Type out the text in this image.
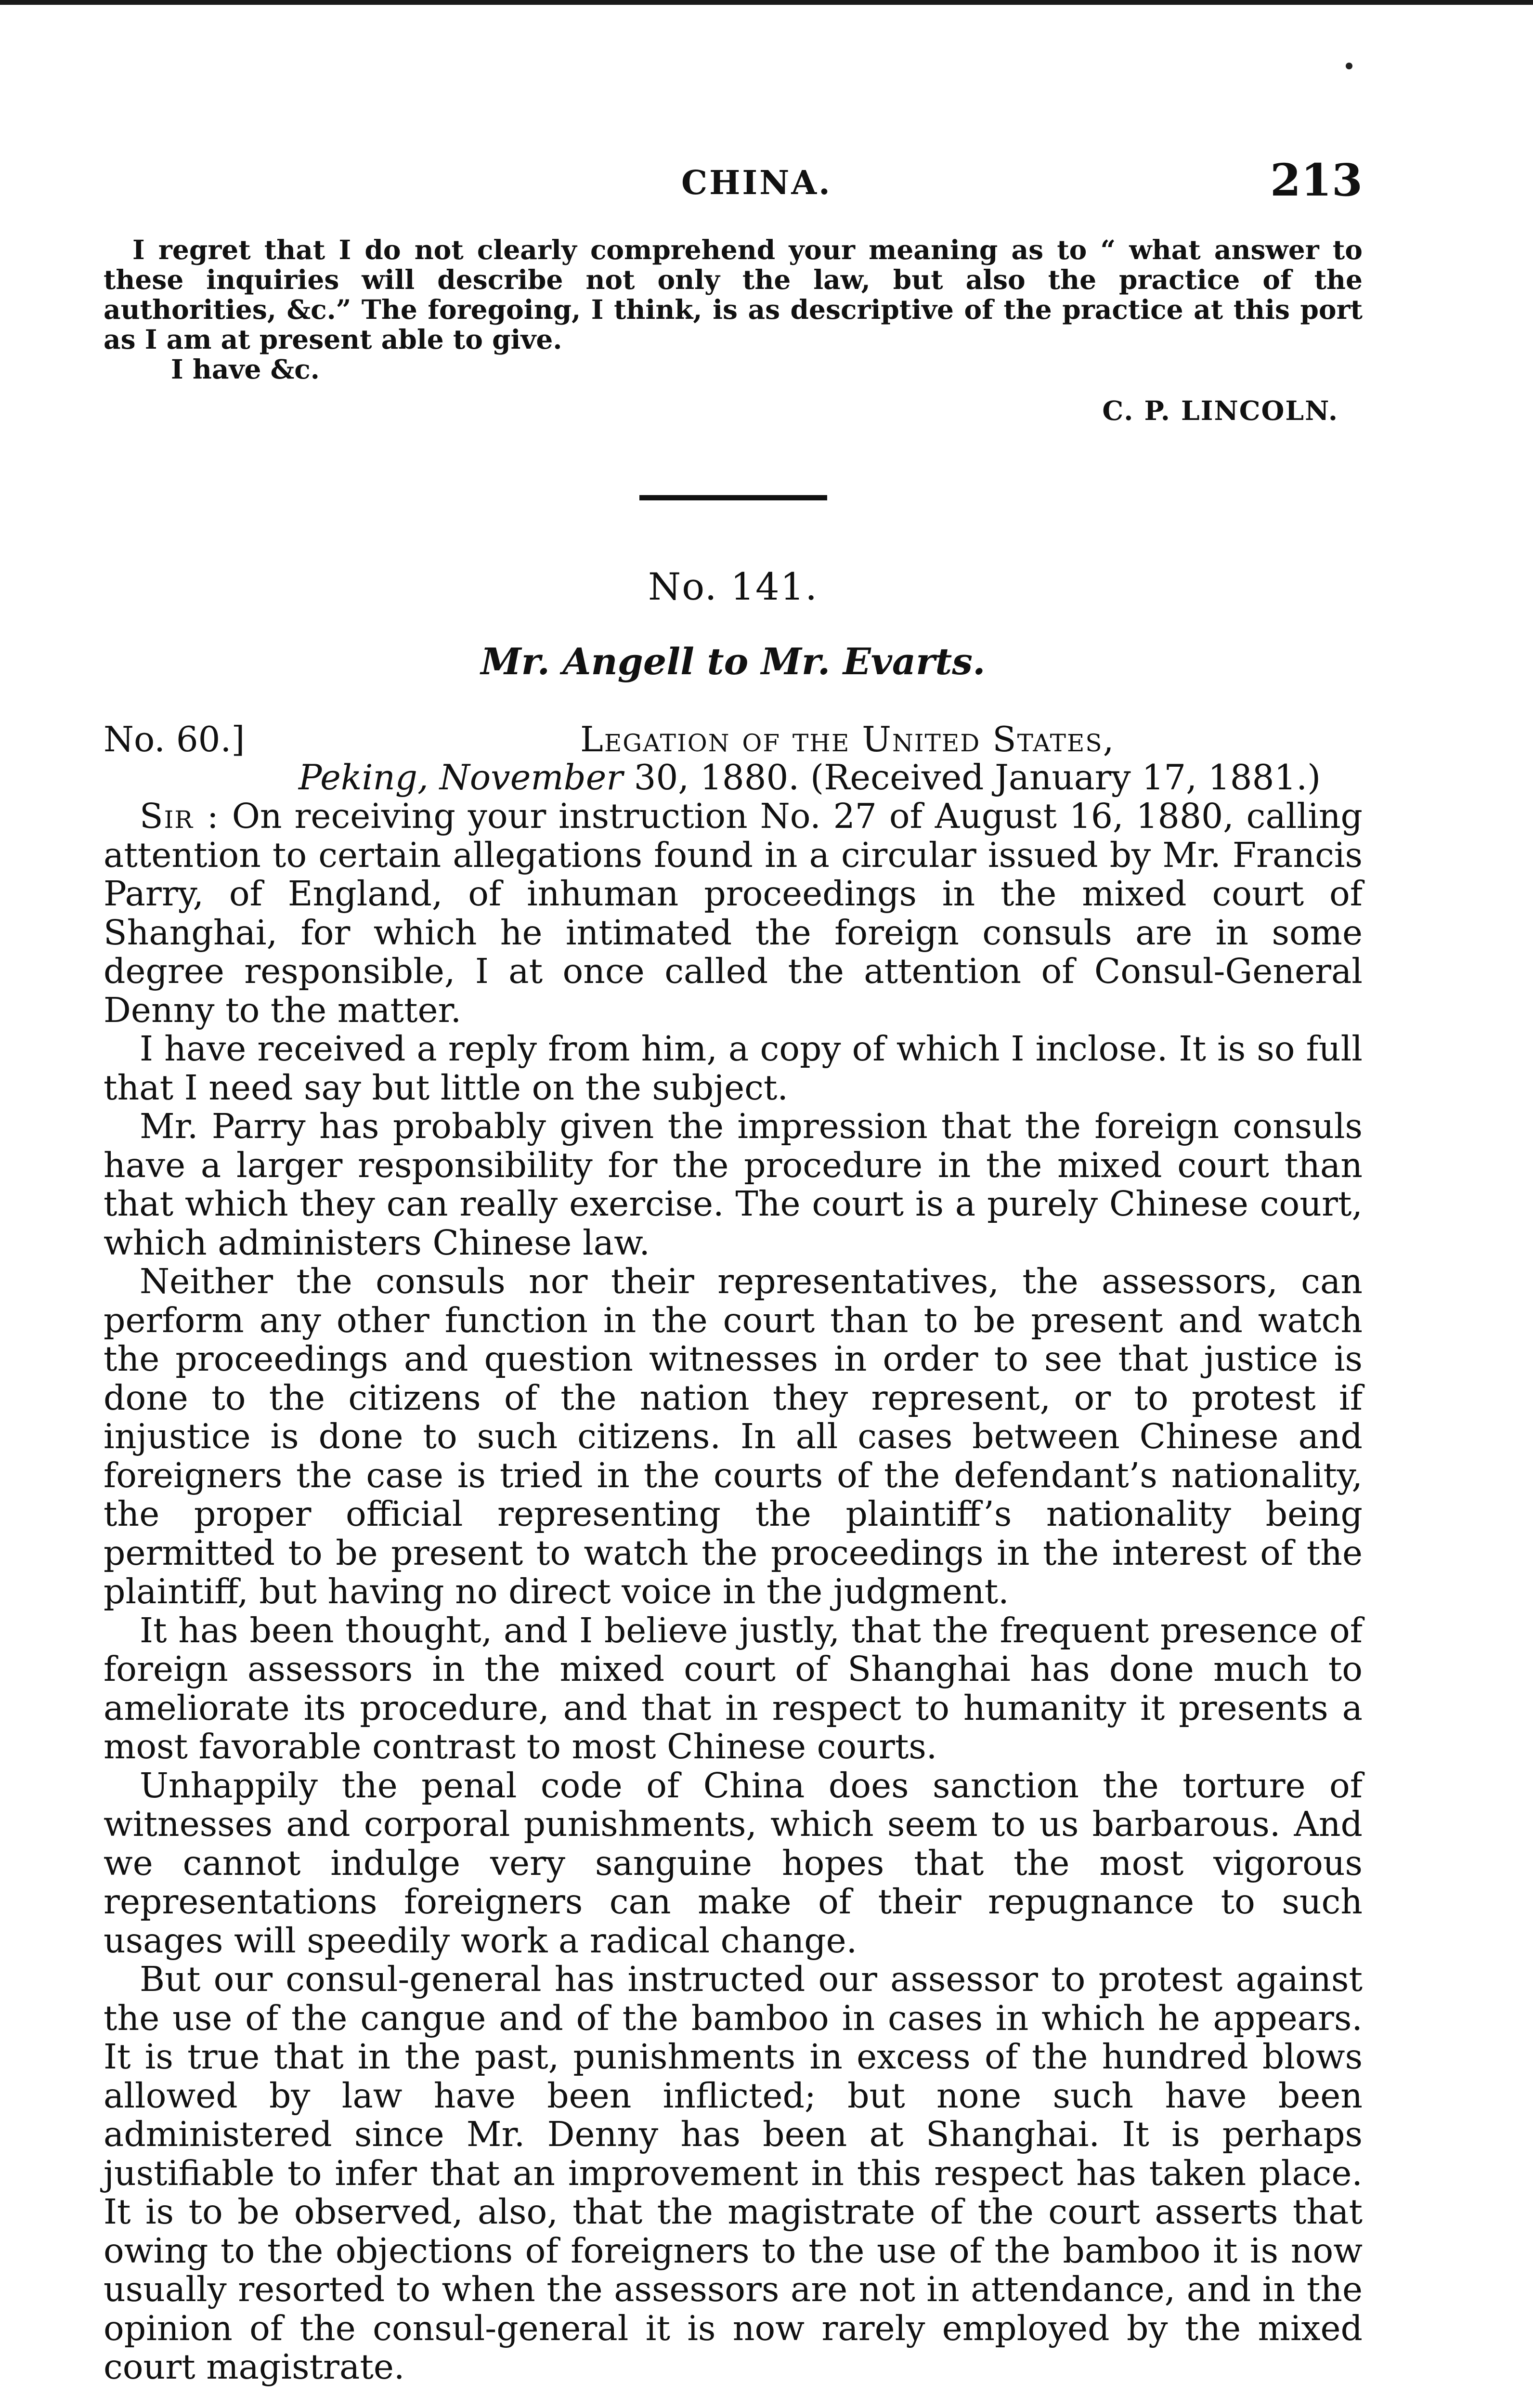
CHINA.	213

I regret that I do not clearly comprehend your meaning as to “ what answer to these inquiries will describe not only the law, but also the practice of the authorities, &c.” The foregoing, I think, is as descriptive of the practice at this port as I am at present able to give.

I have &c.

C. P. LINCOLN.

No. 141.
Mr. Angell to Mr. Evarts.
No. 60.]	Legation of the United States,
Peking, November 30, 1880. (Received January 17, 1881.)

Sir : On receiving your instruction No. 27 of August 16, 1880, calling attention to certain allegations found in a circular issued by Mr. Francis Parry, of England, of inhuman proceedings in the mixed court of Shanghai, for which he intimated the foreign consuls are in some degree responsible, I at once called the attention of Consul-General Denny to the matter.

I have received a reply from him, a copy of which I inclose. It is so full that I need say but little on the subject.

Mr. Parry has probably given the impression that the foreign consuls have a larger responsibility for the procedure in the mixed court than that which they can really exercise. The court is a purely Chinese court, which administers Chinese law.

Neither the consuls nor their representatives, the assessors, can perform any other function in the court than to be present and watch the proceedings and question witnesses in order to see that justice is done to the citizens of the nation they represent, or to protest if injustice is done to such citizens. In all cases between Chinese and foreigners the case is tried in the courts of the defendant’s nationality, the proper official representing the plaintiff’s nationality being permitted to be present to watch the proceedings in the interest of the plaintiff, but having no direct voice in the judgment.

It has been thought, and I believe justly, that the frequent presence of foreign assessors in the mixed court of Shanghai has done much to ameliorate its procedure, and that in respect to humanity it presents a most favorable contrast to most Chinese courts.

Unhappily the penal code of China does sanction the torture of witnesses and corporal punishments, which seem to us barbarous. And we cannot indulge very sanguine hopes that the most vigorous representations foreigners can make of their repugnance to such usages will speedily work a radical change.

But our consul-general has instructed our assessor to protest against the use of the cangue and of the bamboo in cases in which he appears. It is true that in the past, punishments in excess of the hundred blows allowed by law have been inflicted; but none such have been administered since Mr. Denny has been at Shanghai. It is perhaps justifiable to infer that an improvement in this respect has taken place. It is to be observed, also, that the magistrate of the court asserts that owing to the objections of foreigners to the use of the bamboo it is now usually resorted to when the assessors are not in attendance, and in the opinion of the consul-general it is now rarely employed by the mixed court magistrate.
